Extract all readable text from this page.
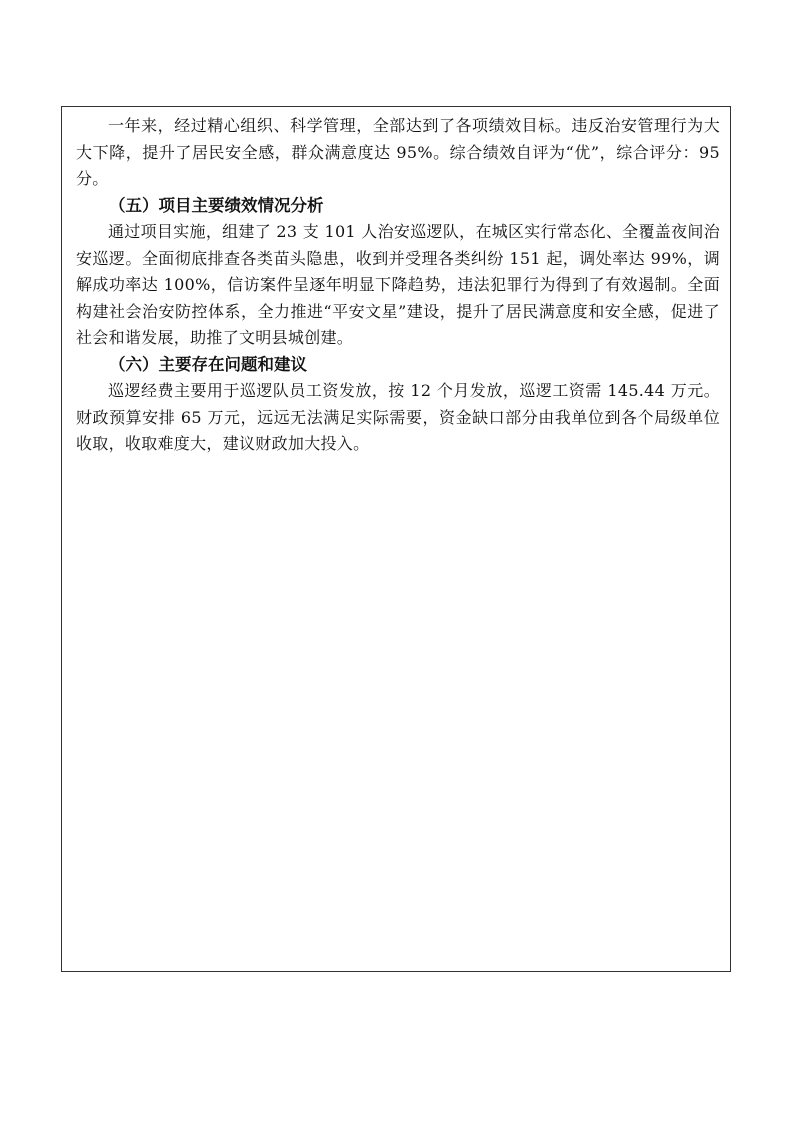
一年来，经过精心组织、科学管理，全部达到了各项绩效目标。违反治安管理行为大大下降，提升了居民安全感，群众满意度达 95%。综合绩效自评为“优”，综合评分：95 分。

（五）项目主要绩效情况分析

通过项目实施，组建了 23 支 101 人治安巡逻队，在城区实行常态化、全覆盖夜间治安巡逻。全面彻底排查各类苗头隐患，收到并受理各类纠纷 151 起，调处率达 99%，调解成功率达 100%，信访案件呈逐年明显下降趋势，违法犯罪行为得到了有效遏制。全面构建社会治安防控体系，全力推进“平安文星”建设，提升了居民满意度和安全感，促进了社会和谐发展，助推了文明县城创建。

（六）主要存在问题和建议

巡逻经费主要用于巡逻队员工资发放，按 12 个月发放，巡逻工资需 145.44 万元。财政预算安排 65 万元，远远无法满足实际需要，资金缺口部分由我单位到各个局级单位收取，收取难度大，建议财政加大投入。
